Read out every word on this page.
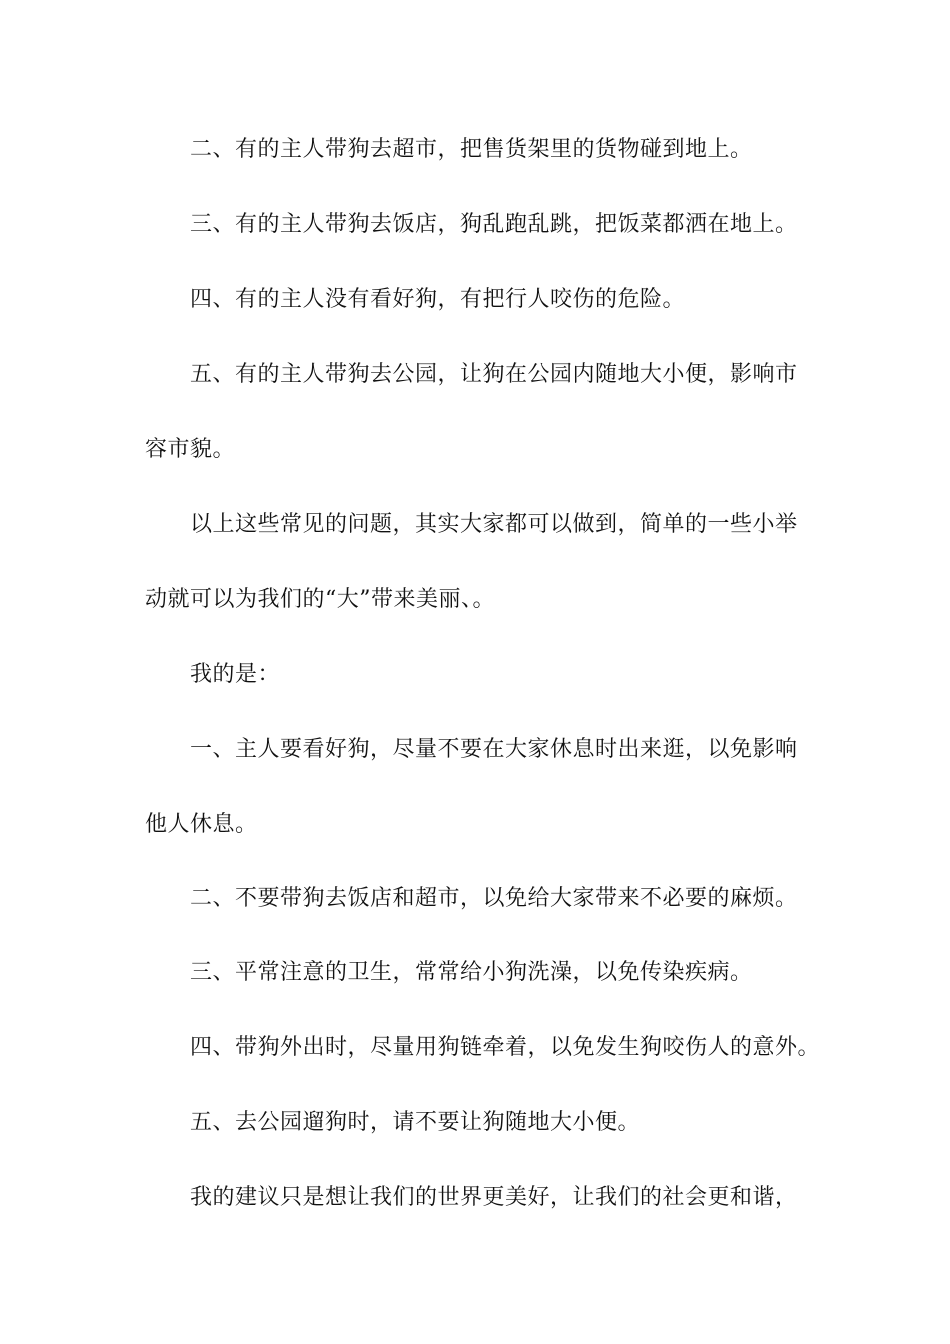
二、有的主人带狗去超市，把售货架里的货物碰到地上。
三、有的主人带狗去饭店，狗乱跑乱跳，把饭菜都洒在地上。
四、有的主人没有看好狗，有把行人咬伤的危险。
五、有的主人带狗去公园，让狗在公园内随地大小便，影响市
容市貌。
以上这些常见的问题，其实大家都可以做到，简单的一些小举
动就可以为我们的“大”带来美丽、。
我的是：
一、主人要看好狗，尽量不要在大家休息时出来逛，以免影响
他人休息。
二、不要带狗去饭店和超市，以免给大家带来不必要的麻烦。
三、平常注意的卫生，常常给小狗洗澡，以免传染疾病。
四、带狗外出时，尽量用狗链牵着，以免发生狗咬伤人的意外。
五、去公园遛狗时，请不要让狗随地大小便。
我的建议只是想让我们的世界更美好，让我们的社会更和谐，
